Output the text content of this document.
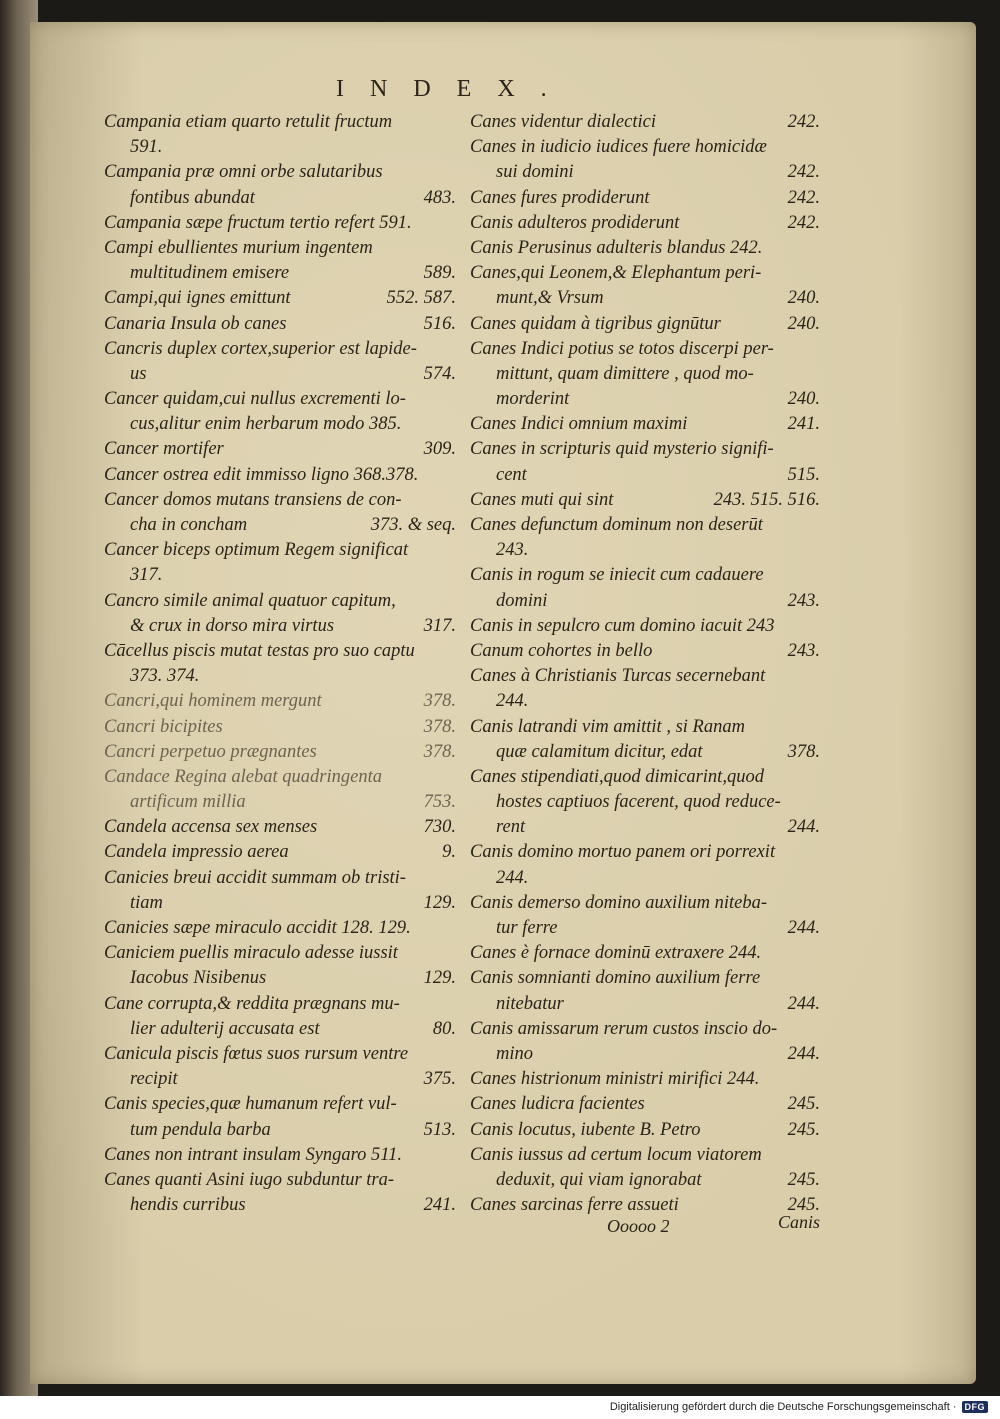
INDEX.
Campania etiam quarto retulit fructum
591.
Campania præ omni orbe salutaribus
fontibus abundat	483.
Campania sæpe fructum tertio refert 591.
Campi ebullientes murium ingentem
multitudinem emisere	589.
Campi,qui ignes emittunt	552. 587.
Canaria Insula ob canes	516.
Cancris duplex cortex,superior est lapide-
us	574.
Cancer quidam,cui nullus excrementi lo-
cus,alitur enim herbarum modo 385.
Cancer mortifer	309.
Cancer ostrea edit immisso ligno 368.378.
Cancer domos mutans transiens de con-
cha in concham	373. & seq.
Cancer biceps optimum Regem significat
317.
Cancro simile animal quatuor capitum,
& crux in dorso mira virtus	317.
Cācellus piscis mutat testas pro suo captu
373. 374.
Cancri,qui hominem mergunt	378.
Cancri bicipites	378.
Cancri perpetuo prægnantes	378.
Candace Regina alebat quadringenta
artificum millia	753.
Candela accensa sex menses	730.
Candela impressio aerea	9.
Canicies breui accidit summam ob tristi-
tiam	129.
Canicies sæpe miraculo accidit 128. 129.
Caniciem puellis miraculo adesse iussit
Iacobus Nisibenus	129.
Cane corrupta,& reddita prægnans mu-
lier adulterij accusata est	80.
Canicula piscis fœtus suos rursum ventre
recipit	375.
Canis species,quæ humanum refert vul-
tum pendula barba	513.
Canes non intrant insulam Syngaro 511.
Canes quanti Asini iugo subduntur tra-
hendis curribus	241.
Canes videntur dialectici	242.
Canes in iudicio iudices fuere homicidæ
sui domini	242.
Canes fures prodiderunt	242.
Canis adulteros prodiderunt	242.
Canis Perusinus adulteris blandus 242.
Canes,qui Leonem,& Elephantum peri-
munt,& Vrsum	240.
Canes quidam à tigribus gignūtur	240.
Canes Indici potius se totos discerpi per-
mittunt, quam dimittere , quod mo-
morderint	240.
Canes Indici omnium maximi	241.
Canes in scripturis quid mysterio signifi-
cent	515.
Canes muti qui sint	243. 515. 516.
Canes defunctum dominum non deserūt
243.
Canis in rogum se iniecit cum cadauere
domini	243.
Canis in sepulcro cum domino iacuit 243
Canum cohortes in bello	243.
Canes à Christianis Turcas secernebant
244.
Canis latrandi vim amittit , si Ranam
quæ calamitum dicitur, edat	378.
Canes stipendiati,quod dimicarint,quod
hostes captiuos facerent, quod reduce-
rent	244.
Canis domino mortuo panem ori porrexit
244.
Canis demerso domino auxilium niteba-
tur ferre	244.
Canes è fornace dominū extraxere 244.
Canis somnianti domino auxilium ferre
nitebatur	244.
Canis amissarum rerum custos inscio do-
mino	244.
Canes histrionum ministri mirifici 244.
Canes ludicra facientes	245.
Canis locutus, iubente B. Petro	245.
Canis iussus ad certum locum viatorem
deduxit, qui viam ignorabat	245.
Canes sarcinas ferre assueti	245.
Ooooo 2	Canis
Digitalisierung gefördert durch die Deutsche Forschungsgemeinschaft · DFG
